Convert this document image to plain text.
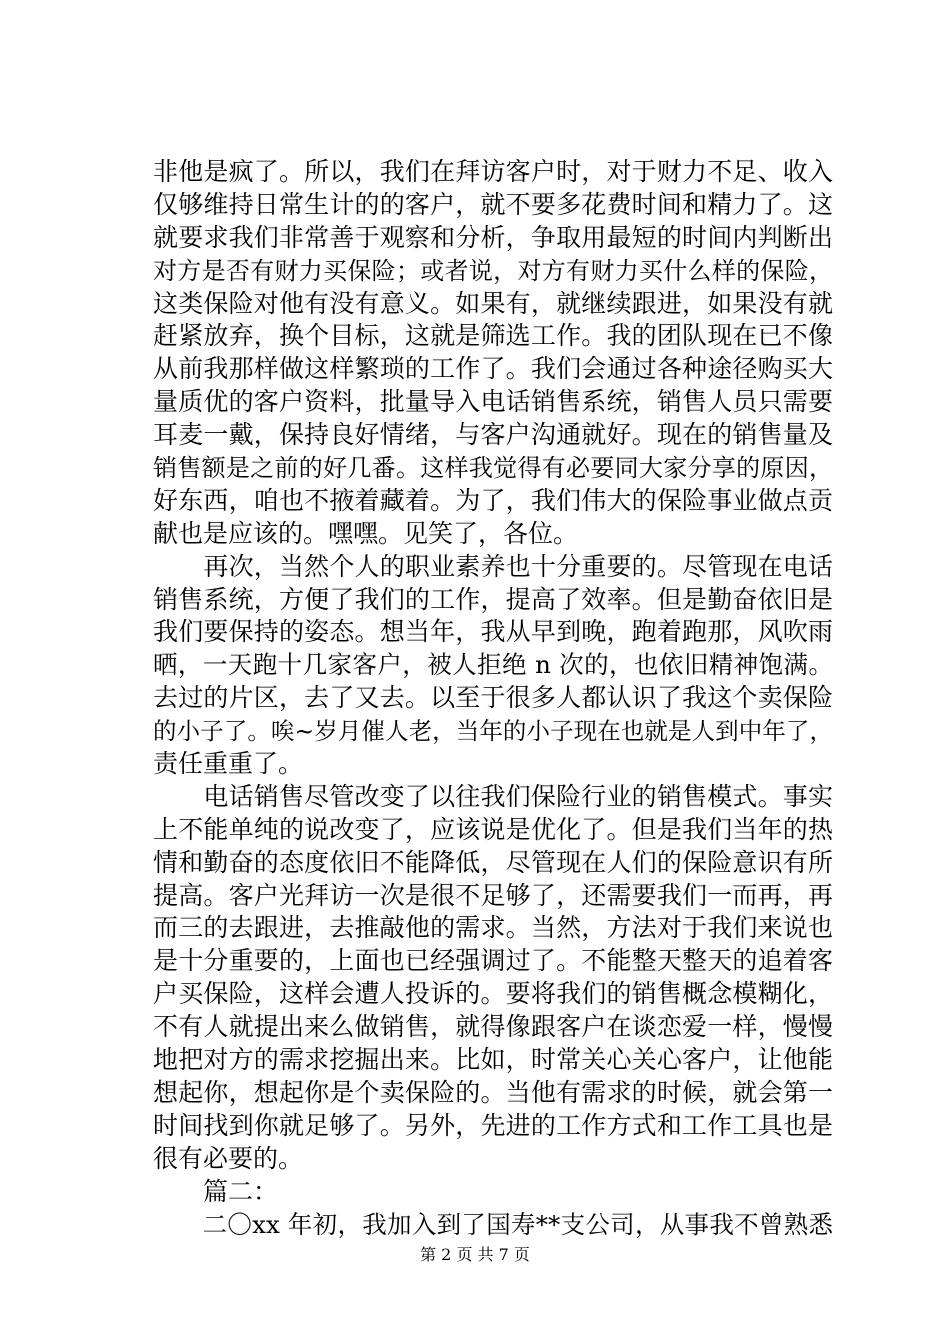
非他是疯了。所以，我们在拜访客户时，对于财力不足、收入
仅够维持日常生计的的客户，就不要多花费时间和精力了。这
就要求我们非常善于观察和分析，争取用最短的时间内判断出
对方是否有财力买保险；或者说，对方有财力买什么样的保险，
这类保险对他有没有意义。如果有，就继续跟进，如果没有就
赶紧放弃，换个目标，这就是筛选工作。我的团队现在已不像
从前我那样做这样繁琐的工作了。我们会通过各种途径购买大
量质优的客户资料，批量导入电话销售系统，销售人员只需要
耳麦一戴，保持良好情绪，与客户沟通就好。现在的销售量及
销售额是之前的好几番。这样我觉得有必要同大家分享的原因，
好东西，咱也不掖着藏着。为了，我们伟大的保险事业做点贡
献也是应该的。嘿嘿。见笑了，各位。
　　再次，当然个人的职业素养也十分重要的。尽管现在电话
销售系统，方便了我们的工作，提高了效率。但是勤奋依旧是
我们要保持的姿态。想当年，我从早到晚，跑着跑那，风吹雨
晒，一天跑十几家客户，被人拒绝 n 次的，也依旧精神饱满。
去过的片区，去了又去。以至于很多人都认识了我这个卖保险
的小子了。唉~岁月催人老，当年的小子现在也就是人到中年了，
责任重重了。
　　电话销售尽管改变了以往我们保险行业的销售模式。事实
上不能单纯的说改变了，应该说是优化了。但是我们当年的热
情和勤奋的态度依旧不能降低，尽管现在人们的保险意识有所
提高。客户光拜访一次是很不足够了，还需要我们一而再，再
而三的去跟进，去推敲他的需求。当然，方法对于我们来说也
是十分重要的，上面也已经强调过了。不能整天整天的追着客
户买保险，这样会遭人投诉的。要将我们的销售概念模糊化，
不有人就提出来么做销售，就得像跟客户在谈恋爱一样，慢慢
地把对方的需求挖掘出来。比如，时常关心关心客户，让他能
想起你，想起你是个卖保险的。当他有需求的时候，就会第一
时间找到你就足够了。另外，先进的工作方式和工作工具也是
很有必要的。
　　篇二：
　　二〇xx 年初，我加入到了国寿**支公司，从事我不曾熟悉
第 2 页 共 7 页
